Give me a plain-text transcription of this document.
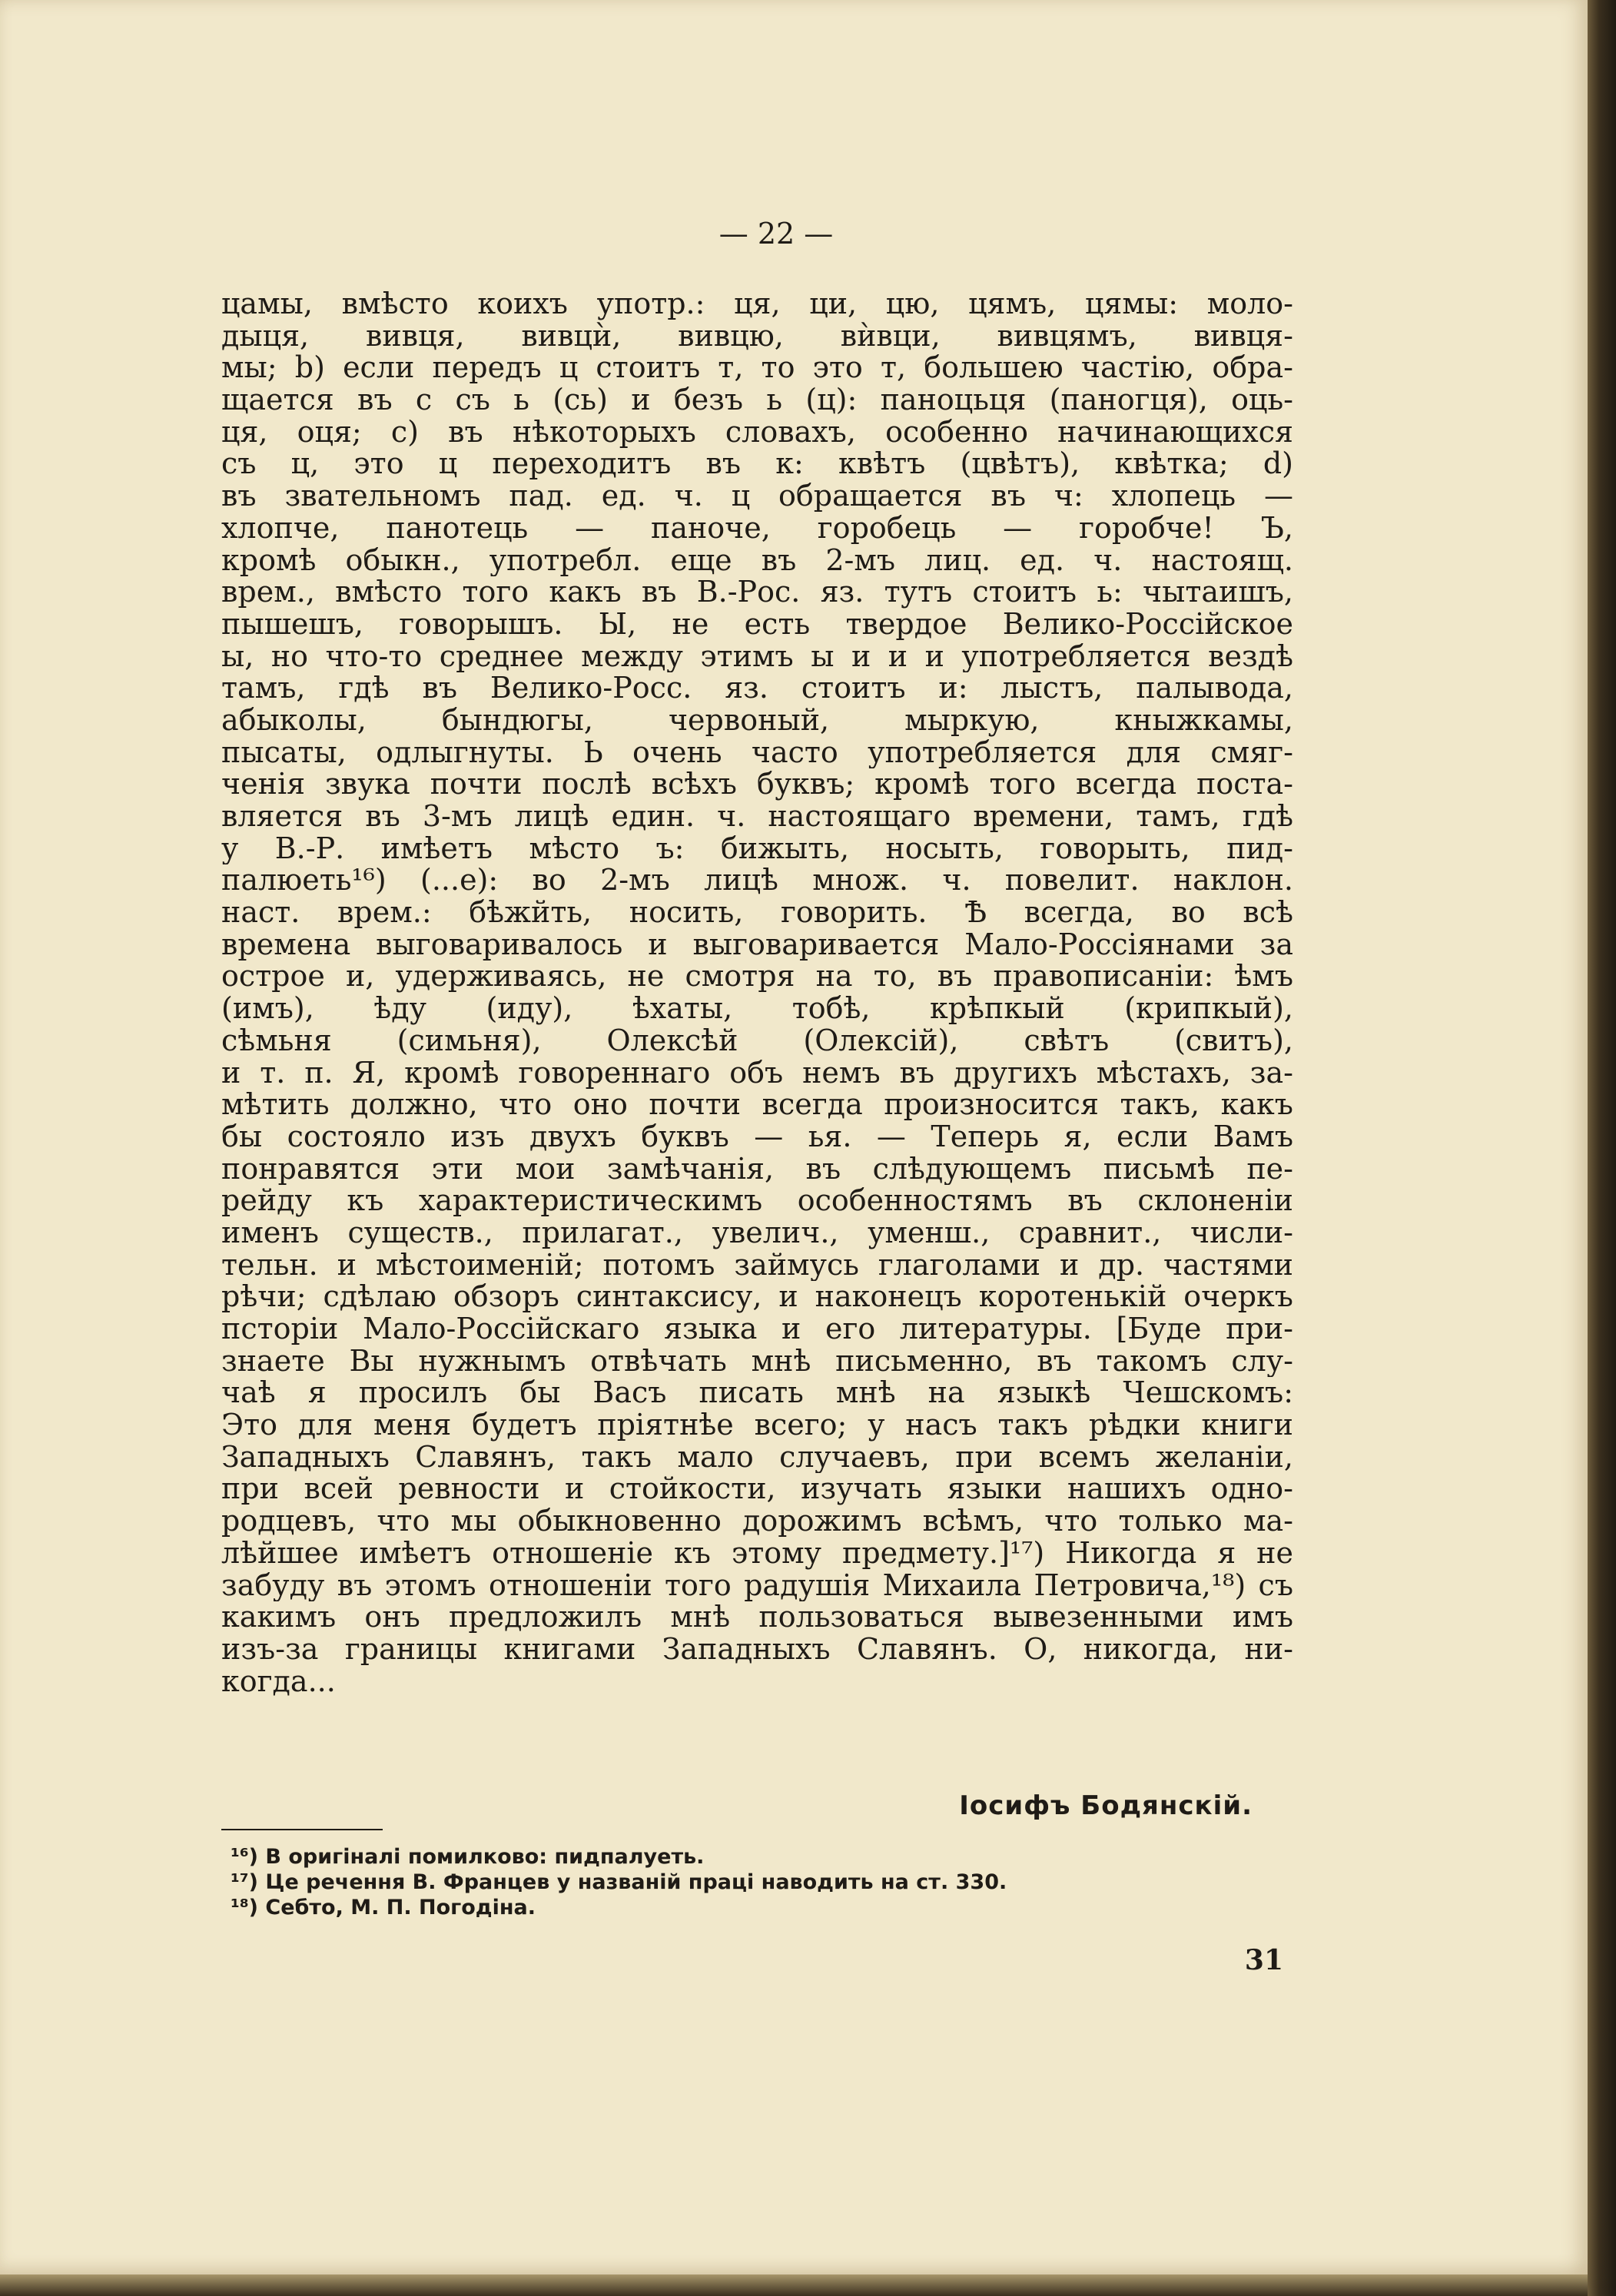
— 22 —
цамы, вмѣсто коихъ употр.: ця, ци, цю, цямъ, цямы: моло-
дыця, вивця, вивцѝ, вивцю, вѝвци, вивцямъ, вивця-
мы; b) если передъ ц стоитъ т, то это т, большею частію, обра-
щается въ с съ ь (сь) и безъ ь (ц): паноцьця (паногця), оць-
ця, оця; c) въ нѣкоторыхъ словахъ, особенно начинающихся
съ ц, это ц переходитъ въ к: квѣтъ (цвѣтъ), квѣтка; d)
въ звательномъ пад. ед. ч. ц обращается въ ч: хлопець —
хлопче, панотець — паноче, горобець — горобче! Ъ,
кромѣ обыкн., употребл. еще въ 2-мъ лиц. ед. ч. настоящ.
врем., вмѣсто того какъ въ В.-Рос. яз. тутъ стоитъ ь: чытаишъ,
пышешъ, говорышъ. Ы, не есть твердое Велико-Россійское
ы, но что-то среднее между этимъ ы и и и употребляется вездѣ
тамъ, гдѣ въ Велико-Росс. яз. стоитъ и: лыстъ, палывода,
абыколы, бындюгы, червоный, мыркую, кныжкамы,
пысаты, одлыгнуты. Ь очень часто употребляется для смяг-
ченія звука почти послѣ всѣхъ буквъ; кромѣ того всегда поста-
вляется въ 3-мъ лицѣ един. ч. настоящаго времени, тамъ, гдѣ
у В.-Р. имѣетъ мѣсто ъ: бижыть, носыть, говорыть, пид-
палюеть¹⁶) (...е): во 2-мъ лицѣ множ. ч. повелит. наклон.
наст. врем.: бѣжйть, носить, говорить. Ѣ всегда, во всѣ
времена выговаривалось и выговаривается Мало-Россіянами за
острое и, удерживаясь, не смотря на то, въ правописаніи: ѣмъ
(имъ), ѣду (иду), ѣхаты, тобѣ, крѣпкый (крипкый),
сѣмьня (симьня), Олексѣй (Олексій), свѣтъ (свитъ),
и т. п. Я, кромѣ говореннаго объ немъ въ другихъ мѣстахъ, за-
мѣтить должно, что оно почти всегда произносится такъ, какъ
бы состояло изъ двухъ буквъ — ья. — Теперь я, если Вамъ
понравятся эти мои замѣчанія, въ слѣдующемъ письмѣ пе-
рейду къ характеристическимъ особенностямъ въ склоненіи
именъ существ., прилагат., увелич., уменш., сравнит., числи-
тельн. и мѣстоименій; потомъ займусь глаголами и др. частями
рѣчи; сдѣлаю обзоръ синтаксису, и наконецъ коротенькій очеркъ
псторіи Мало-Россійскаго языка и его литературы. [Буде при-
знаете Вы нужнымъ отвѣчать мнѣ письменно, въ такомъ слу-
чаѣ я просилъ бы Васъ писать мнѣ на языкѣ Чешскомъ:
Это для меня будетъ пріятнѣе всего; у насъ такъ рѣдки книги
Западныхъ Славянъ, такъ мало случаевъ, при всемъ желаніи,
при всей ревности и стойкости, изучать языки нашихъ одно-
родцевъ, что мы обыкновенно дорожимъ всѣмъ, что только ма-
лѣйшее имѣетъ отношеніе къ этому предмету.]¹⁷) Никогда я не
забуду въ этомъ отношеніи того радушія Михаила Петровича,¹⁸) съ
какимъ онъ предложилъ мнѣ пользоваться вывезенными имъ
изъ-за границы книгами Западныхъ Славянъ. О, никогда, ни-
когда...
Іосифъ Бодянскій.
¹⁶) В оригіналі помилково: пидпалуеть.
¹⁷) Це речення В. Францев у названій праці наводить на ст. 330.
¹⁸) Себто, М. П. Погодіна.
31
